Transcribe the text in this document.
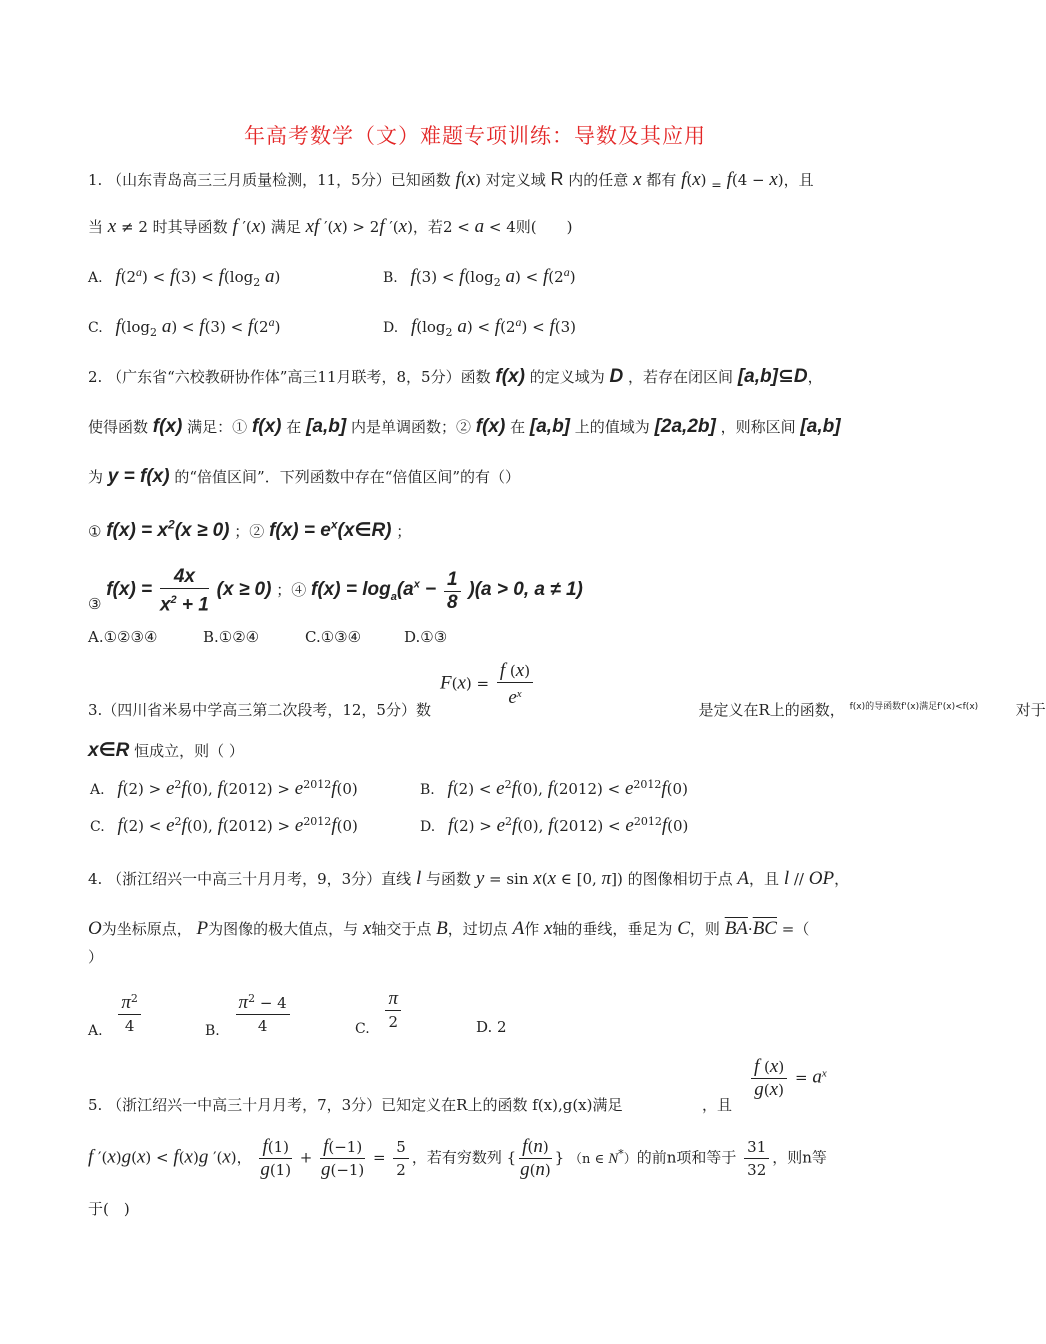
年高考数学（文）难题专项训练：导数及其应用
1. （山东青岛高三三月质量检测，11，5分）已知函数 f(x) 对定义域 R 内的任意 x 都有 f(x) $_=$ f(4 − x)，且
当 x ≠ 2 时其导函数 f ′(x) 满足 xf ′(x) > 2f ′(x)，若2 < a < 4则(　　)
A. $f(2^a) < f(3) < f(\log_2$ a)	B. $f(3) < f(\log_2$ $a) < f(2^a)$
C. $f(\log_2$ $a) < f(3) < f(2^a)$	D. $f(\log_2$ $a) < f(2^a) < f(3)$
2. （广东省“六校教研协作体”高三11月联考，8，5分）函数 f(x) 的定义域为 D ，若存在闭区间 [a,b]⊆D，
使得函数 f(x) 满足：① f(x) 在 [a,b] 内是单调函数；② f(x) 在 [a,b] 上的值域为 [2a,2b] ，则称区间 [a,b]
为 y = f(x) 的“倍值区间”．下列函数中存在“倍值区间”的有（）
① $f(x) = x^2(x \ge 0)$ ；② $f(x) = e^x(x\in R)$ ；
③ $f(x) = \frac{4x}{x^2 + 1} (x \ge 0)$ ；④ $f(x) = \log_a(a^x - \frac{1}{8} )(a > 0$, a ≠ 1)
A.①②③④	B.①②④	C.①③④	D.①③
$F(x) = \frac{f (x)}{e^x}$
3.（四川省米易中学高三第二次段考，12，5分）数	是定义在R上的函数， $^{f(x)的导函数f'(x)满足f'(x)<f(x)}$	对于
x∈R 恒成立，则（ ）
A. $f(2) > e^2f(0)$, $f(2012) > e^{2012}f(0)$	B. $f(2) < e^2f(0)$, $f(2012) < e^{2012}f(0)$
C. $f(2) < e^2f(0)$, $f(2012) > e^{2012}f(0)$	D. $f(2) > e^2f(0)$, $f(2012) < e^{2012}f(0)$
4. （浙江绍兴一中高三十月月考，9，3分）直线 l 与函数 y = sin x(x ∈ [0, π]) 的图像相切于点 A，且 l // OP，
O为坐标原点， P为图像的极大值点，与 x轴交于点 B，过切点 A作 x轴的垂线，垂足为 C，则 $\overline{BA}\cdot\overline{BC}$ =（
）
A. $\frac{\pi^2}{4}$	B. $\frac{\pi^2 - 4}{4}$	C. $\frac{\pi}{2}$	D. 2
$\frac{f (x)}{g(x)} = a^x$
5. （浙江绍兴一中高三十月月考，7，3分）已知定义在R上的函数 f(x),g(x)满足	，且
f ′(x)g(x) < f(x)g ′(x)， $\frac{f(1)}{g(1)} + \frac{f(-1)}{g(-1)} = \frac{5}{2}$ ，若有穷数列 { $\frac{f(n)}{g(n)}$ } （n ∈ N*）的前n项和等于 $\frac{31}{32}$ ，则n等
于(　)
